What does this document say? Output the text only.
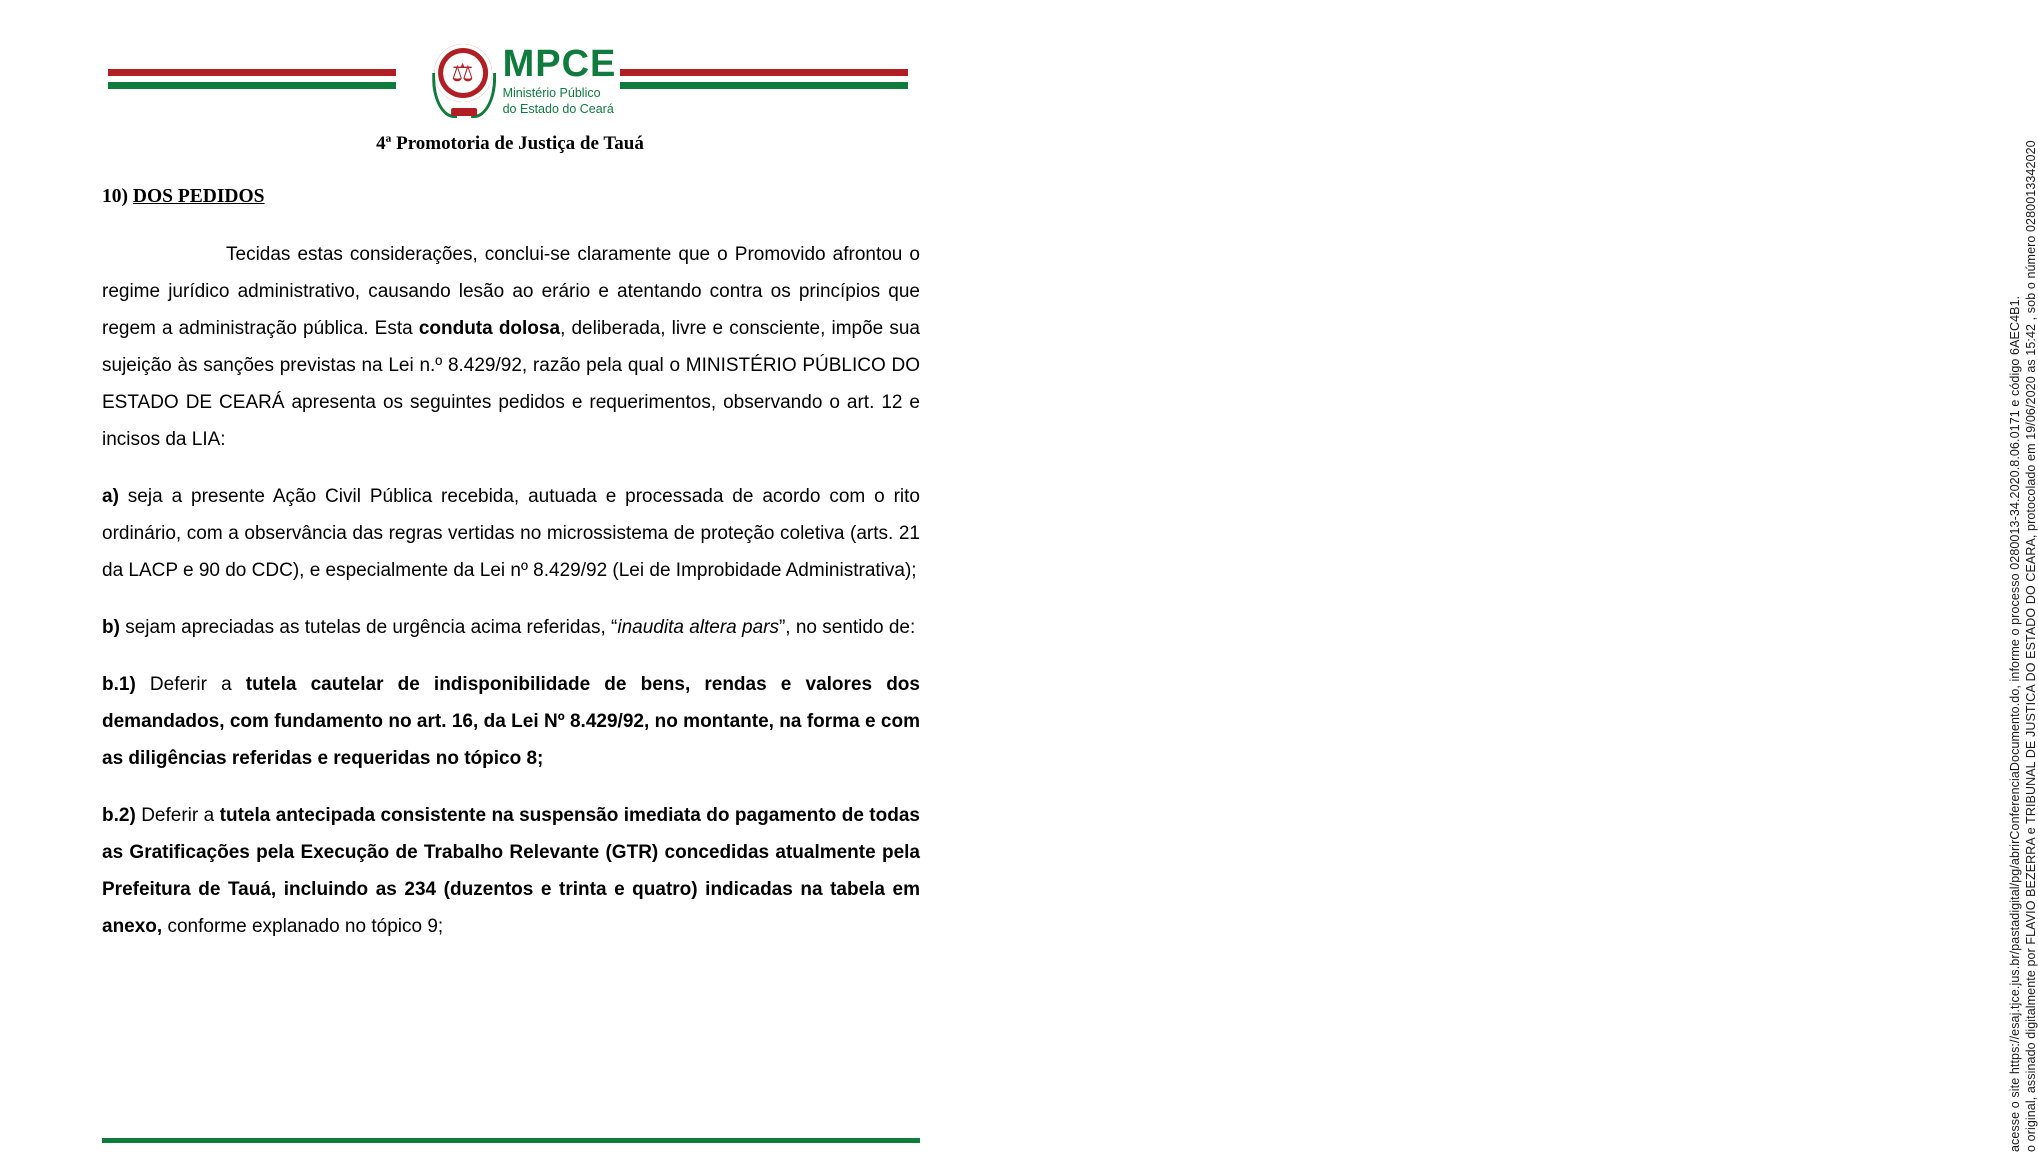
⚖ MPCE
Ministério Público
do Estado do Ceará
4ª Promotoria de Justiça de Tauá
10) DOS PEDIDOS

Tecidas estas considerações, conclui-se claramente que o Promovido afrontou o regime jurídico administrativo, causando lesão ao erário e atentando contra os princípios que regem a administração pública. Esta conduta dolosa, deliberada, livre e consciente, impõe sua sujeição às sanções previstas na Lei n.º 8.429/92, razão pela qual o MINISTÉRIO PÚBLICO DO ESTADO DE CEARÁ apresenta os seguintes pedidos e requerimentos, observando o art. 12 e incisos da LIA:

a) seja a presente Ação Civil Pública recebida, autuada e processada de acordo com o rito ordinário, com a observância das regras vertidas no microssistema de proteção coletiva (arts. 21 da LACP e 90 do CDC), e especialmente da Lei nº 8.429/92 (Lei de Improbidade Administrativa);

b) sejam apreciadas as tutelas de urgência acima referidas, “inaudita altera pars”, no sentido de:

b.1) Deferir a tutela cautelar de indisponibilidade de bens, rendas e valores dos demandados, com fundamento no art. 16, da Lei Nº 8.429/92, no montante, na forma e com as diligências referidas e requeridas no tópico 8;

b.2) Deferir a tutela antecipada consistente na suspensão imediata do pagamento de todas as Gratificações pela Execução de Trabalho Relevante (GTR) concedidas atualmente pela Prefeitura de Tauá, incluindo as 234 (duzentos e trinta e quatro) indicadas na tabela em anexo, conforme explanado no tópico 9;	o original, assinado digitalmente por FLAVIO BEZERRA e TRIBUNAL DE JUSTICA DO ESTADO DO CEARA, protocolado em 19/06/2020 as 15:42 , sob o número 0280013342020
acesse o site https://esaj.tjce.jus.br/pastadigital/pg/abrirConferenciaDocumento.do, informe o processo 0280013-34.2020.8.06.0171 e código 6AEC4B1.
